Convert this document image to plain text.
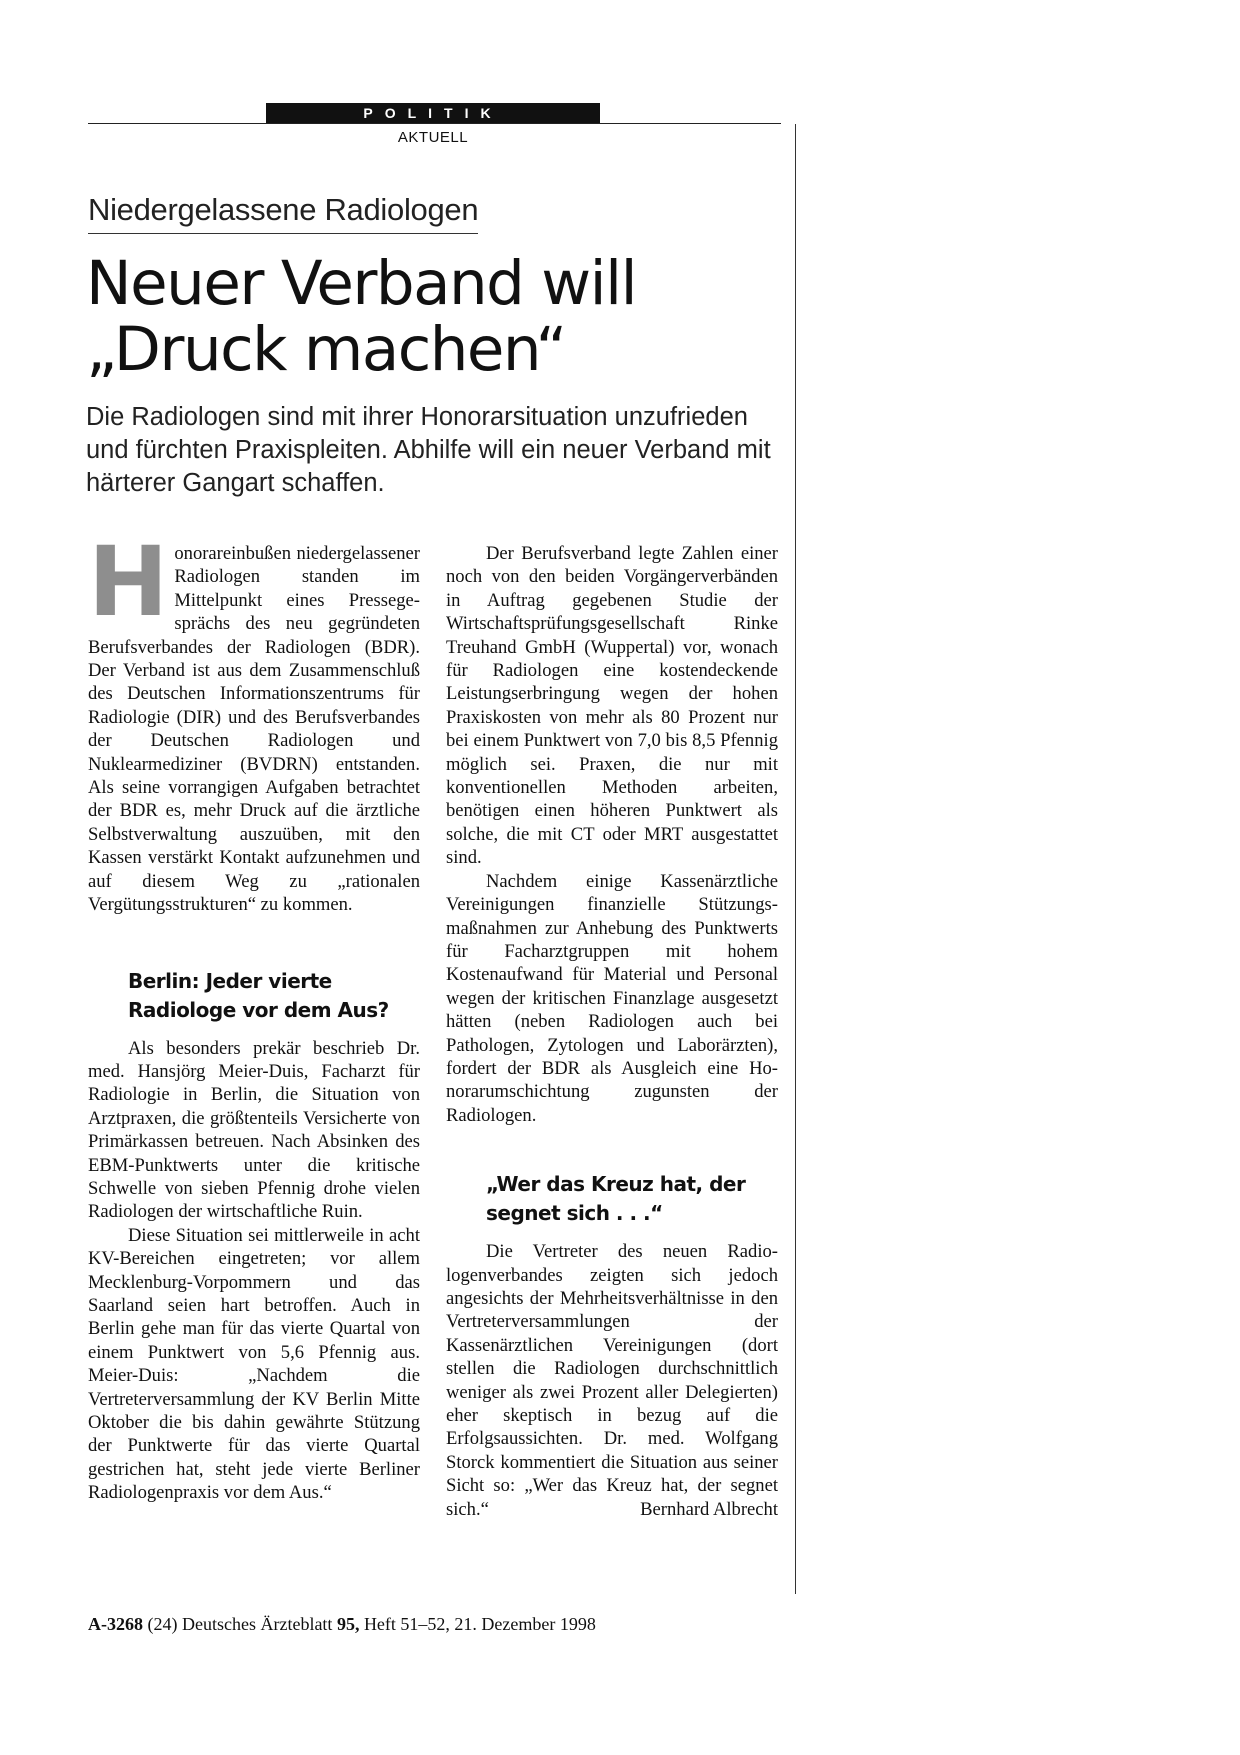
POLITIK
AKTUELL
Niedergelassene Radiologen
Neuer Verband will
„Druck machen“

Die Radiologen sind mit ihrer Honorarsituation unzufrieden und fürchten Praxispleiten. Abhilfe will ein neuer Verband mit härterer Gangart schaffen.

Honorareinbußen niedergelassener Radiologen standen im Mittelpunkt eines Pressegesprächs des neu gegründeten Berufsverbandes der Radiologen (BDR). Der Verband ist aus dem Zusammenschluß des Deutschen Informationszentrums für Radiologie (DIR) und des Berufsverbandes der Deutschen Radiologen und Nuklearmediziner (BVDRN) entstanden. Als seine vorrangigen Aufgaben betrachtet der BDR es, mehr Druck auf die ärztliche Selbstverwaltung auszuüben, mit den Kassen verstärkt Kontakt aufzunehmen und auf diesem Weg zu „rationalen Vergütungsstrukturen“ zu kommen.

Berlin: Jeder vierte
Radiologe vor dem Aus?

Als besonders prekär beschrieb Dr. med. Hansjörg Meier-Duis, Facharzt für Radiologie in Berlin, die Situation von Arztpraxen, die größtenteils Versicherte von Primärkassen betreuen. Nach Absinken des EBM-Punktwerts unter die kritische Schwelle von sieben Pfennig drohe vielen Radiologen der wirtschaftliche Ruin.

Diese Situation sei mittlerweile in acht KV-Bereichen eingetreten; vor allem Mecklenburg-Vorpommern und das Saarland seien hart betroffen. Auch in Berlin gehe man für das vierte Quartal von einem Punktwert von 5,6 Pfennig aus. Meier-Duis: „Nachdem die Vertreterversammlung der KV Berlin Mitte Oktober die bis dahin gewährte Stützung der Punktwerte für das vierte Quartal gestrichen hat, steht jede vierte Berliner Radiologenpraxis vor dem Aus.“

Der Berufsverband legte Zahlen einer noch von den beiden Vorgängerverbänden in Auftrag gegebenen Studie der Wirtschaftsprüfungsgesellschaft Rinke Treuhand GmbH (Wuppertal) vor, wonach für Radiologen eine kostendeckende Leistungserbringung wegen der hohen Praxiskosten von mehr als 80 Prozent nur bei einem Punktwert von 7,0 bis 8,5 Pfennig möglich sei. Praxen, die nur mit konventionellen Methoden arbeiten, benötigen einen höheren Punktwert als solche, die mit CT oder MRT ausgestattet sind.

Nachdem einige Kassenärztliche Vereinigungen finanzielle Stützungsmaßnahmen zur Anhebung des Punktwerts für Facharztgruppen mit hohem Kostenaufwand für Material und Personal wegen der kritischen Finanzlage ausgesetzt hätten (neben Radiologen auch bei Pathologen, Zytologen und Laborärzten), fordert der BDR als Ausgleich eine Honorarumschichtung zugunsten der Radiologen.

„Wer das Kreuz hat, der
segnet sich . . .“

Die Vertreter des neuen Radiologenverbandes zeigten sich jedoch angesichts der Mehrheitsverhältnisse in den Vertreterversammlungen der Kassenärztlichen Vereinigungen (dort stellen die Radiologen durchschnittlich weniger als zwei Prozent aller Delegierten) eher skeptisch in bezug auf die Erfolgsaussichten. Dr. med. Wolfgang Storck kommentiert die Situation aus seiner Sicht so: „Wer das Kreuz hat, der segnet sich.“	Bernhard Albrecht

A-3268 (24) Deutsches Ärzteblatt 95, Heft 51–52, 21. Dezember 1998
